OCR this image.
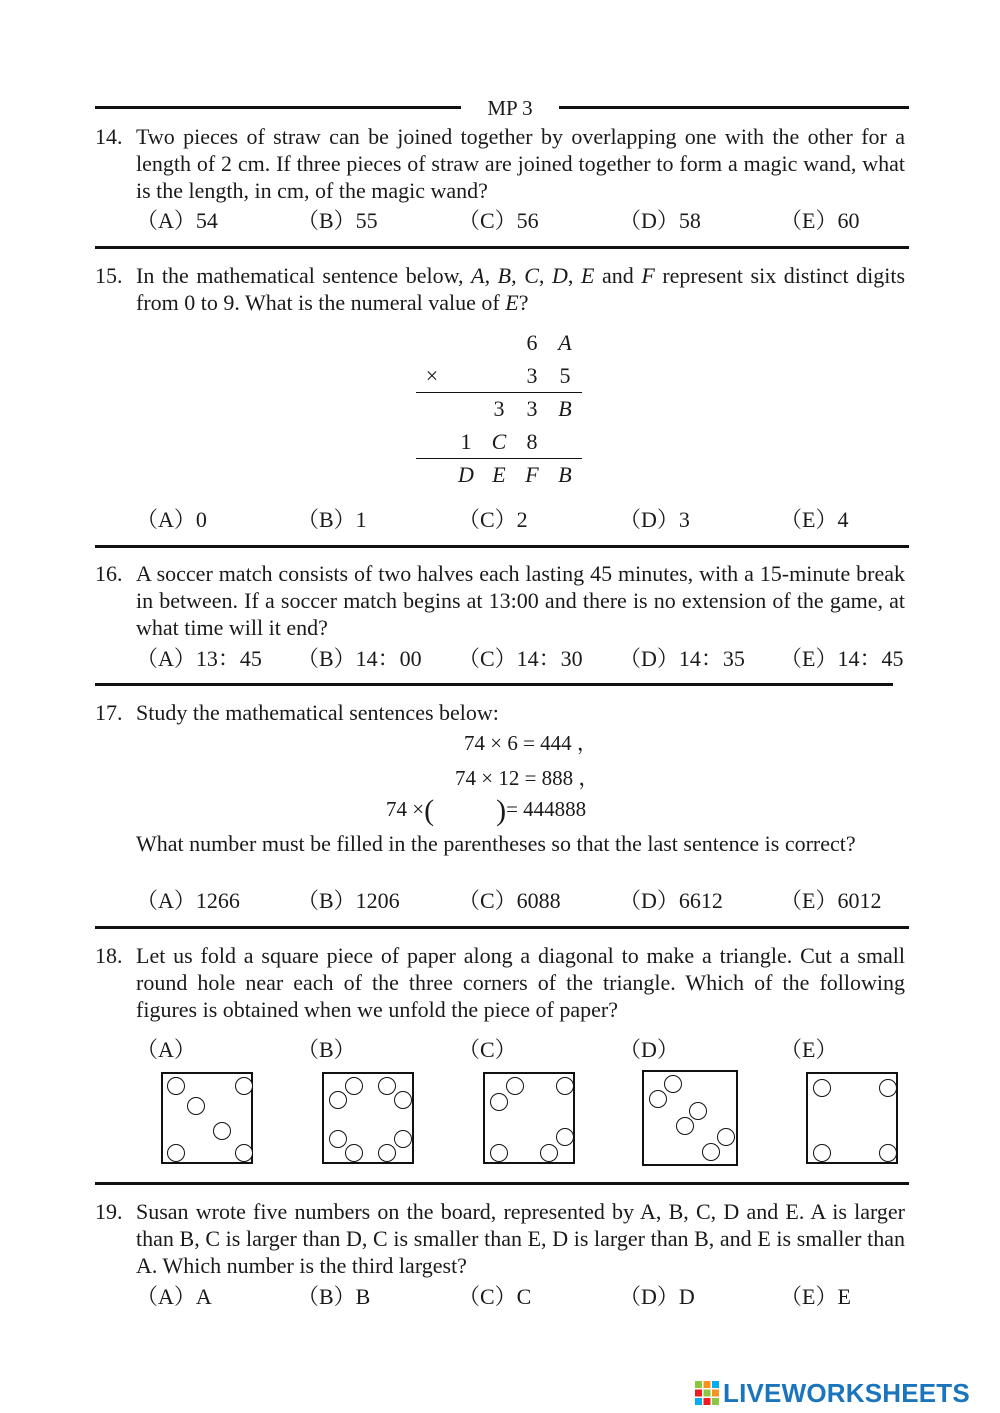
MP 3
14. Two pieces of straw can be joined together by overlapping one with the other for a length of 2 cm. If three pieces of straw are joined together to form a magic wand, what is the length, in cm, of the magic wand?
（A）54	（B）55	（C）56	（D）58	（E）60
15. In the mathematical sentence below, A, B, C, D, E and F represent six distinct digits from 0 to 9. What is the numeral value of E?
6 A
×	3	5
3	3 B
1 C 8
D E F B
（A）0	（B）1	（C）2	（D）3	（E）4
16. A soccer match consists of two halves each lasting 45 minutes, with a 15-minute break in between. If a soccer match begins at 13:00 and there is no extension of the game, at what time will it end?
（A）13：45 （B）14：00 （C）14：30 （D）14：35 （E）14：45
17. Study the mathematical sentences below:
74 × 6 = 444 ，
74 × 12 = 888 ，
74 ×( )= 444888
What number must be filled in the parentheses so that the last sentence is correct?
（A）1266	（B）1206	（C）6088	（D）6612	（E）6012
18. Let us fold a square piece of paper along a diagonal to make a triangle. Cut a small round hole near each of the three corners of the triangle. Which of the following figures is obtained when we unfold the piece of paper?
（A）	（B）	（C）	（D）	（E）
19. Susan wrote five numbers on the board, represented by A, B, C, D and E. A is larger than B, C is larger than D, C is smaller than E, D is larger than B, and E is smaller than A. Which number is the third largest?
（A）A	（B）B	（C）C	（D）D	（E）E
LIVEWORKSHEETS
